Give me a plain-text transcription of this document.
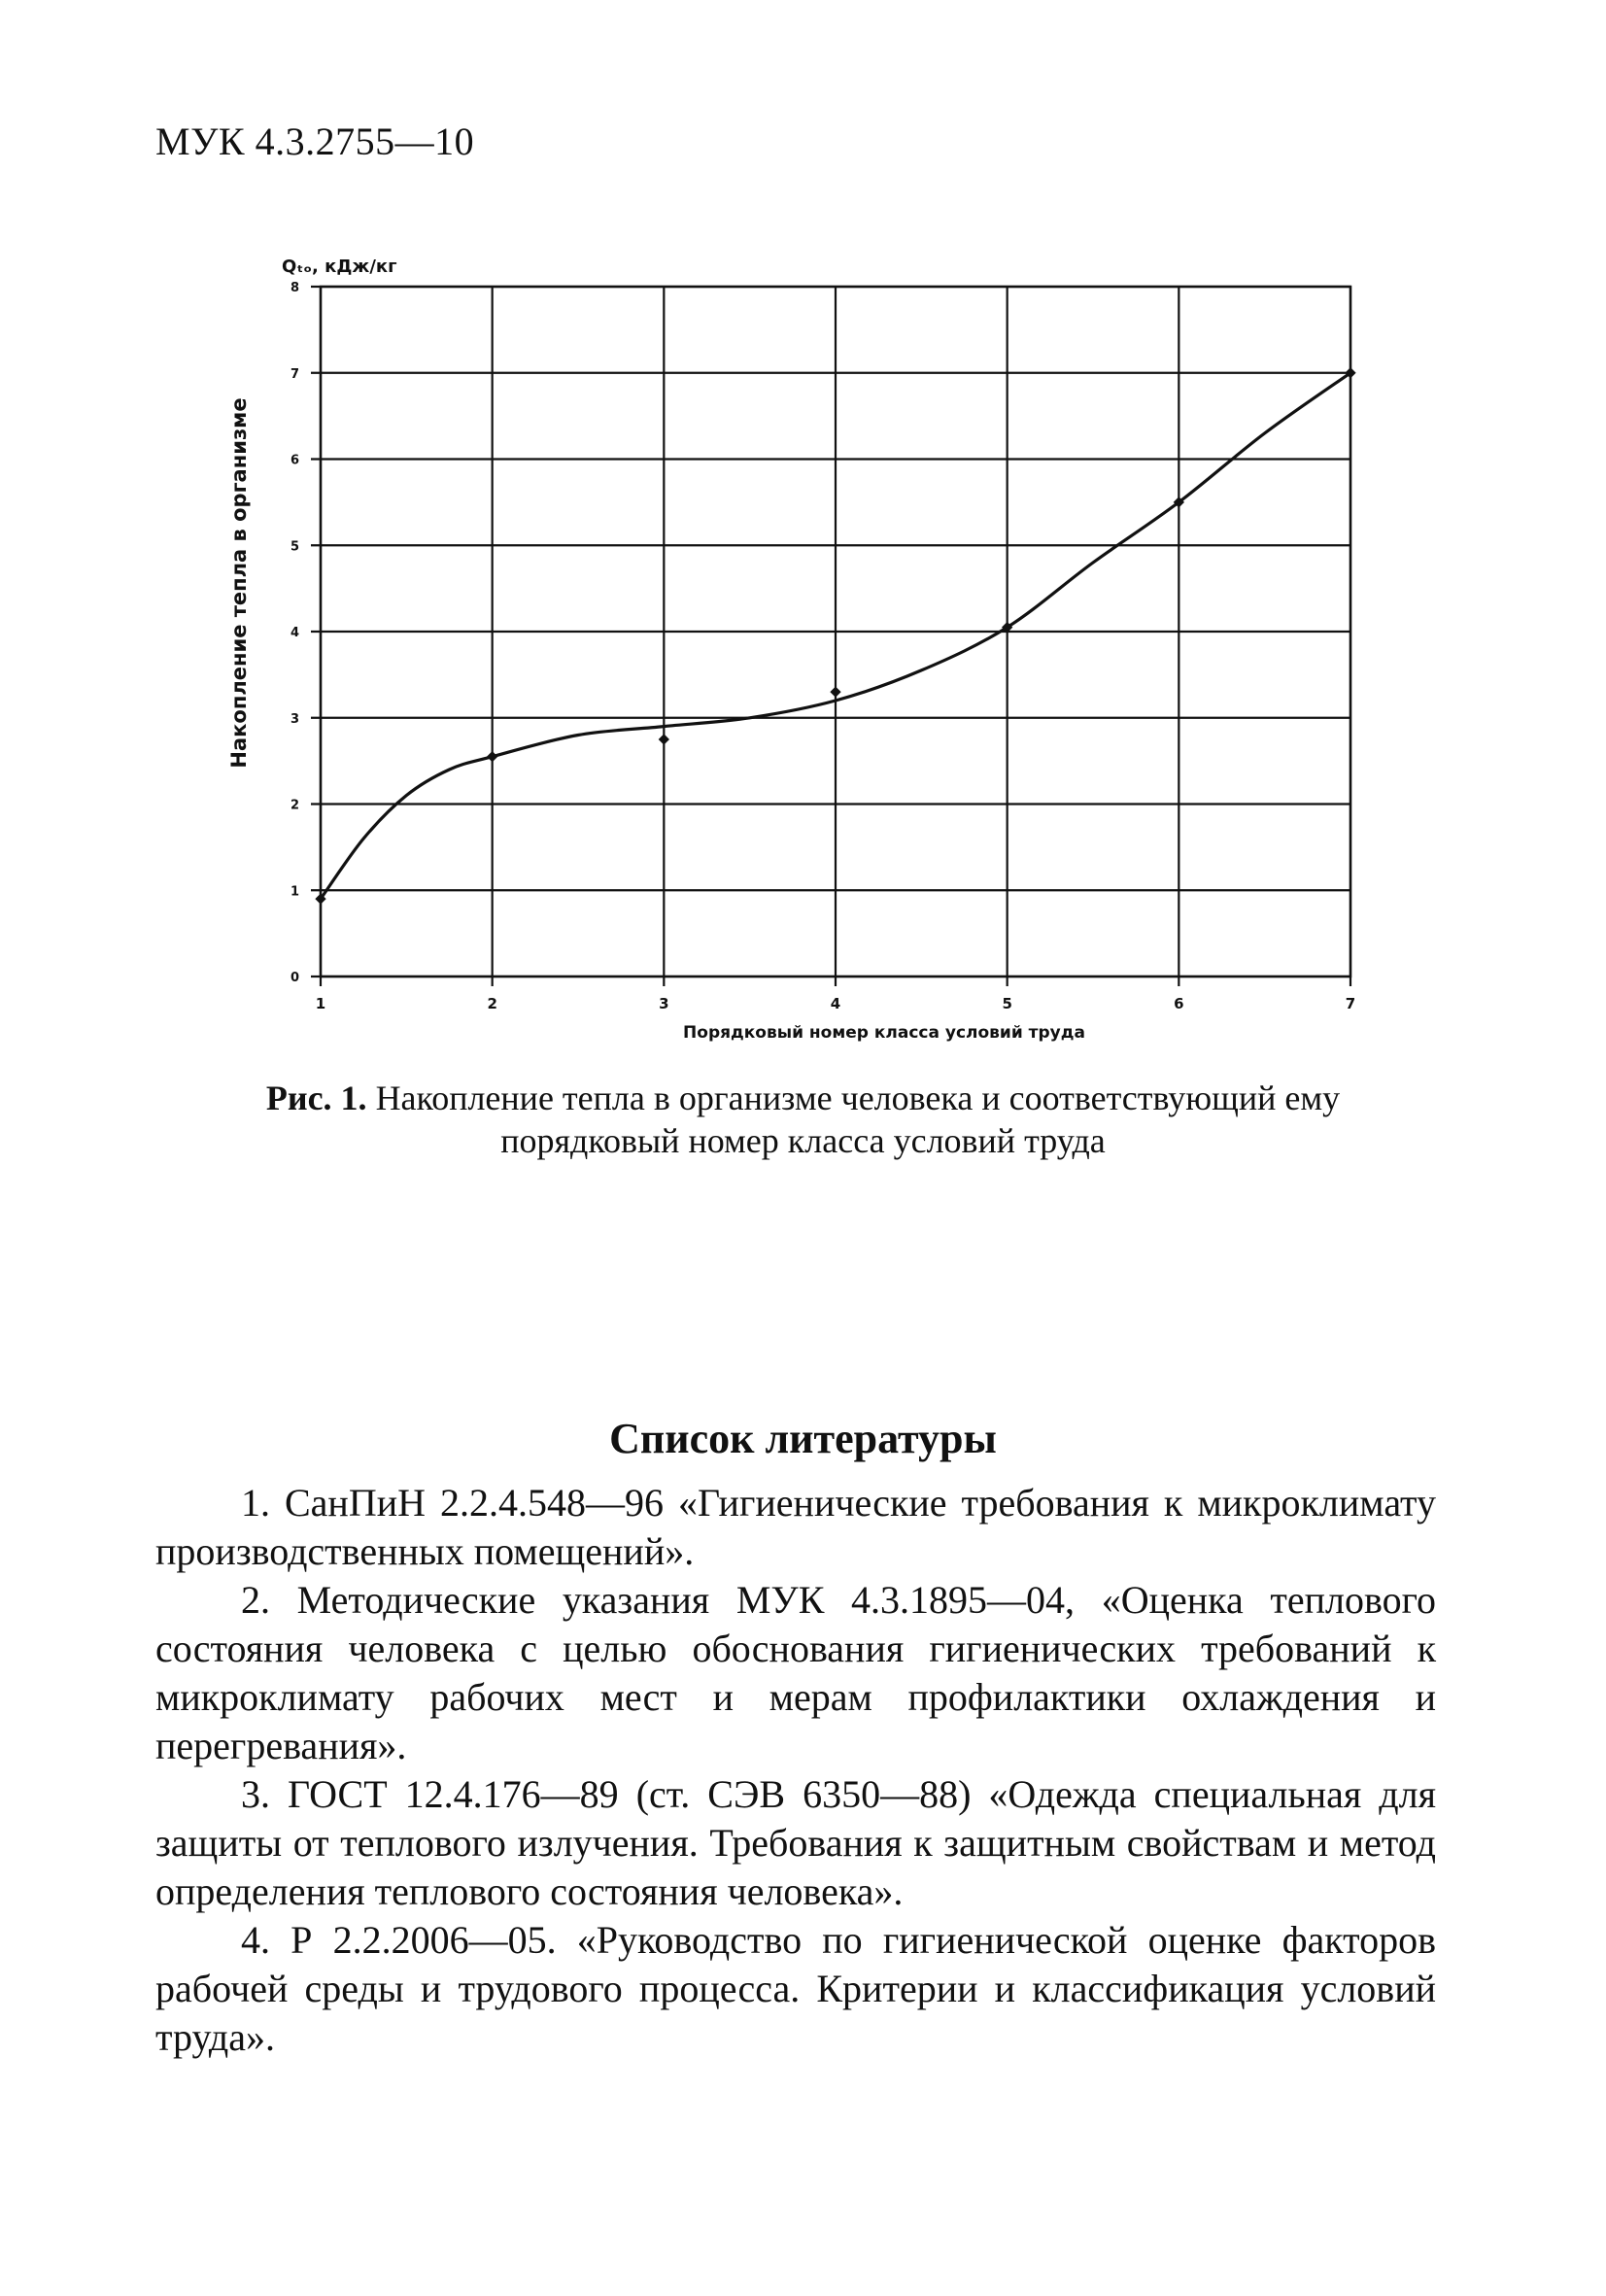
МУК 4.3.2755—10
0
1
2
3
4
5
6
7
8
1	2	3	4	5	6	7
Qₜₒ, кДж/кг
Накопление тепла в организме
Порядковый номер класса условий труда
Рис. 1. Накопление тепла в организме человека и соответствующий ему
порядковый номер класса условий труда
Список литературы
1. СанПиН 2.2.4.548—96 «Гигиенические требования к микроклимату производственных помещений».
2. Методические указания МУК 4.3.1895—04, «Оценка теплового состояния человека с целью обоснования гигиенических требований к микроклимату рабочих мест и мерам профилактики охлаждения и перегревания».
3. ГОСТ 12.4.176—89 (ст. СЭВ 6350—88) «Одежда специальная для защиты от теплового излучения. Требования к защитным свойствам и метод определения теплового состояния человека».
4. Р 2.2.2006—05. «Руководство по гигиенической оценке факторов рабочей среды и трудового процесса. Критерии и классификация условий труда».
